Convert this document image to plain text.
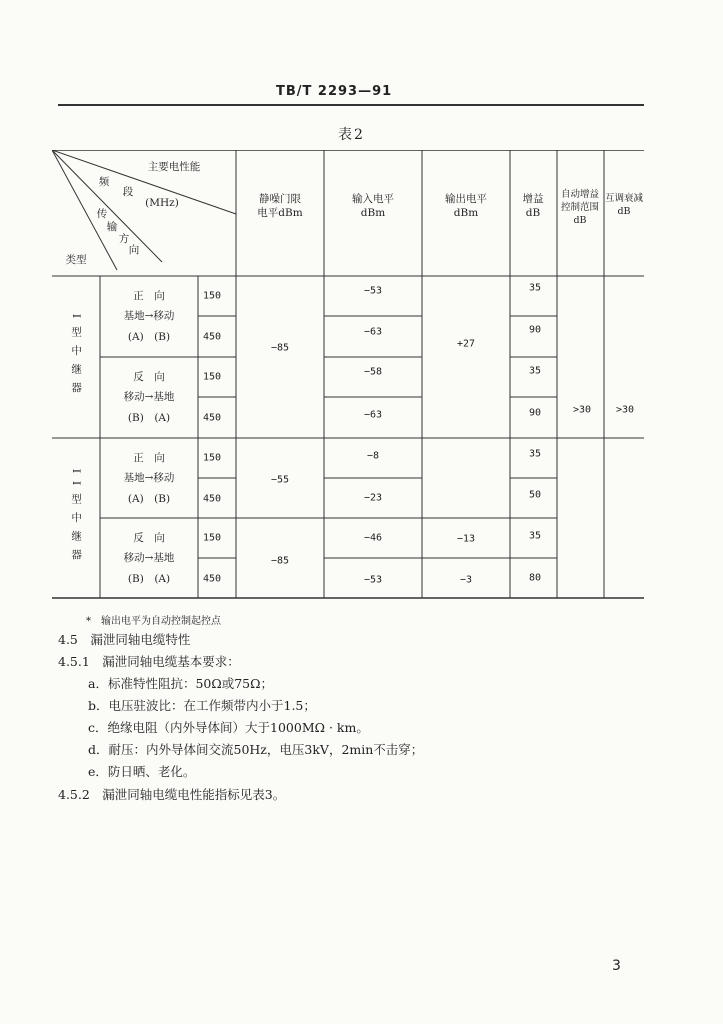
TB/T 2293—91
表2
主要电性能
频
段
(MHz)
传
输
方
向
类型
静噪门限
电平dBm
输入电平
dBm
输出电平
dBm
增益
dB
自动增益
控制范围
dB
互调衰减
dB
I型中继器
II型中继器
正　向
基地→移动
(A)　(B)
反　向
移动→基地
(B)　(A)
正　向
基地→移动
(A)　(B)
反　向
移动→基地
(B)　(A)
150
450
150
450
150
450
150
450
−85
−55
−85
−53
−63
−58
−63
−8
−23
−46
−53
+27
−13
−3
35
90
35
90
35
50
35
80
>30 >30
*　输出电平为自动控制起控点
4.5　漏泄同轴电缆特性
4.5.1　漏泄同轴电缆基本要求：
a．标准特性阻抗：50Ω或75Ω；
b．电压驻波比：在工作频带内小于1.5；
c．绝缘电阻（内外导体间）大于1000MΩ · km。
d．耐压：内外导体间交流50Hz，电压3kV，2min不击穿；
e．防日晒、老化。
4.5.2　漏泄同轴电缆电性能指标见表3。
3
